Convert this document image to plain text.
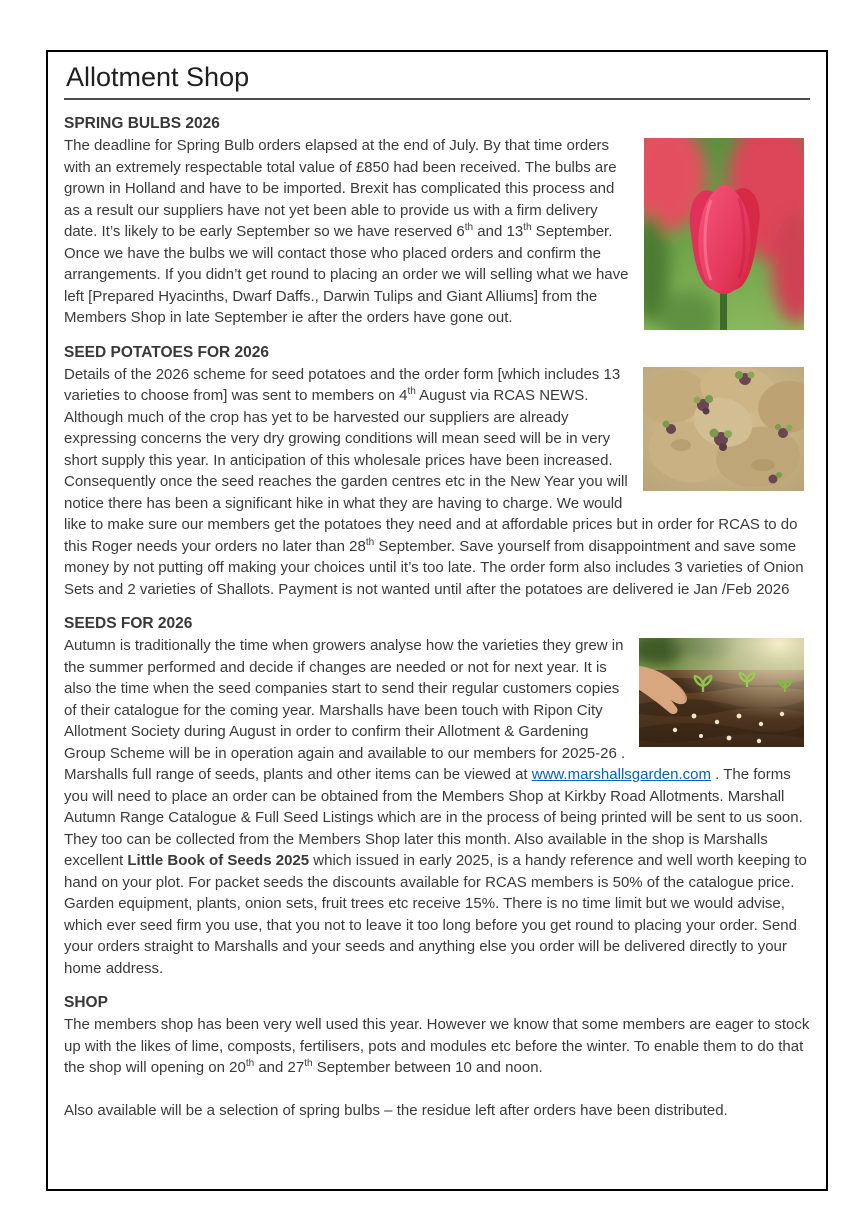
Allotment Shop
SPRING BULBS 2026
The deadline for Spring Bulb orders elapsed at the end of July. By that time orders with an extremely respectable total value of £850 had been received. The bulbs are grown in Holland and have to be imported. Brexit has complicated this process and as a result our suppliers have not yet been able to provide us with a firm delivery date. It’s likely to be early September so we have reserved 6th and 13th September. Once we have the bulbs we will contact those who placed orders and confirm the arrangements. If you didn’t get round to placing an order we will selling what we have left [Prepared Hyacinths, Dwarf Daffs., Darwin Tulips and Giant Alliums] from the Members Shop in late September ie after the orders have gone out.
SEED POTATOES FOR 2026
Details of the 2026 scheme for seed potatoes and the order form [which includes 13 varieties to choose from] was sent to members on 4th August via RCAS NEWS. Although much of the crop has yet to be harvested our suppliers are already expressing concerns the very dry growing conditions will mean seed will be in very short supply this year. In anticipation of this wholesale prices have been increased. Consequently once the seed reaches the garden centres etc in the New Year you will notice there has been a significant hike in what they are having to charge. We would like to make sure our members get the potatoes they need and at affordable prices but in order for RCAS to do this Roger needs your orders no later than 28th September. Save yourself from disappointment and save some money by not putting off making your choices until it’s too late. The order form also includes 3 varieties of Onion Sets and 2 varieties of Shallots. Payment is not wanted until after the potatoes are delivered ie Jan /Feb 2026
SEEDS FOR 2026
Autumn is traditionally the time when growers analyse how the varieties they grew in the summer performed and decide if changes are needed or not for next year. It is also the time when the seed companies start to send their regular customers copies of their catalogue for the coming year. Marshalls have been touch with Ripon City Allotment Society during August in order to confirm their Allotment & Gardening Group Scheme will be in operation again and available to our members for 2025-26 . Marshalls full range of seeds, plants and other items can be viewed at www.marshallsgarden.com . The forms you will need to place an order can be obtained from the Members Shop at Kirkby Road Allotments. Marshall Autumn Range Catalogue & Full Seed Listings which are in the process of being printed will be sent to us soon. They too can be collected from the Members Shop later this month. Also available in the shop is Marshalls excellent Little Book of Seeds 2025 which issued in early 2025, is a handy reference and well worth keeping to hand on your plot. For packet seeds the discounts available for RCAS members is 50% of the catalogue price. Garden equipment, plants, onion sets, fruit trees etc receive 15%. There is no time limit but we would advise, which ever seed firm you use, that you not to leave it too long before you get round to placing your order. Send your orders straight to Marshalls and your seeds and anything else you order will be delivered directly to your home address.
SHOP
The members shop has been very well used this year. However we know that some members are eager to stock up with the likes of lime, composts, fertilisers, pots and modules etc before the winter. To enable them to do that the shop will opening on 20th and 27th September between 10 and noon.
Also available will be a selection of spring bulbs – the residue left after orders have been distributed.
